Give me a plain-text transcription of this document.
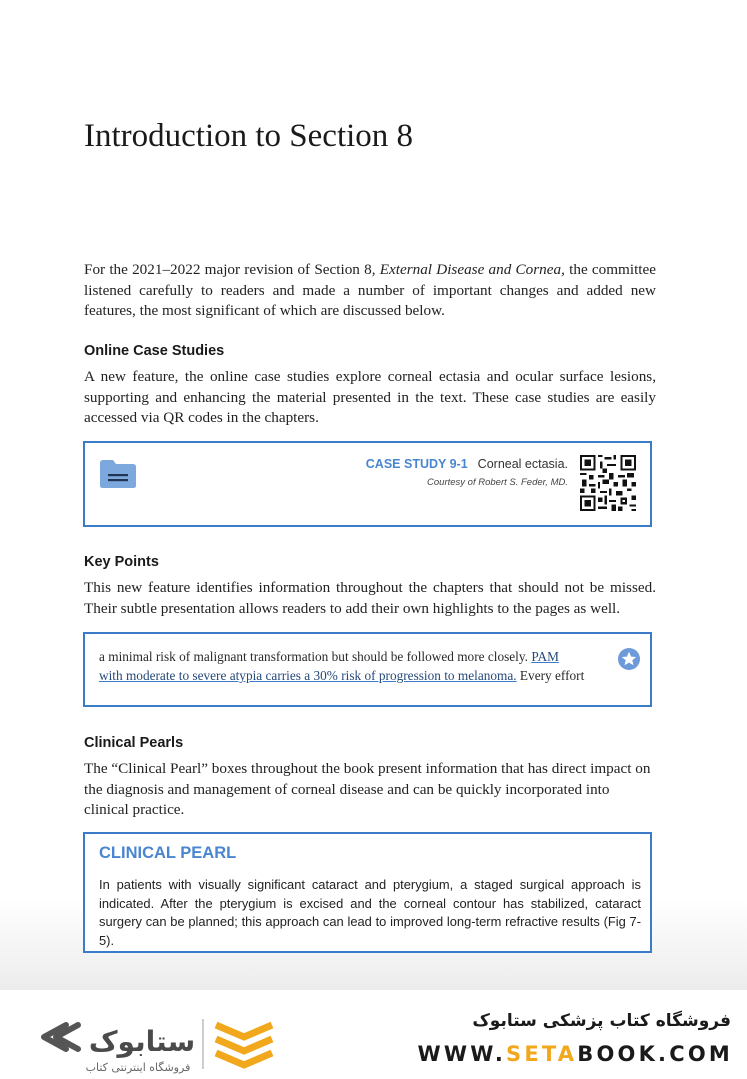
Introduction to Section 8

For the 2021–2022 major revision of Section 8, External Disease and Cornea, the committee listened carefully to readers and made a number of important changes and added new features, the most significant of which are discussed below.

Online Case Studies

A new feature, the online case studies explore corneal ectasia and ocular surface lesions, supporting and enhancing the material presented in the text. These case studies are easily accessed via QR codes in the chapters.

CASE STUDY 9-1 Corneal ectasia.
Courtesy of Robert S. Feder, MD.
Key Points

This new feature identifies information throughout the chapters that should not be missed. Their subtle presentation allows readers to add their own highlights to the pages as well.

a minimal risk of malignant transformation but should be followed more closely. PAM
with moderate to severe atypia carries a 30% risk of progression to melanoma. Every effort
Clinical Pearls

The “Clinical Pearl” boxes throughout the book present information that has direct impact on the diagnosis and management of corneal disease and can be quickly incorporated into clinical practice.

CLINICAL PEARL

In patients with visually significant cataract and pterygium, a staged surgical approach is indicated. After the pterygium is excised and the corneal contour has stabilized, cataract surgery can be planned; this approach can lead to improved long-term refractive results (Fig 7-5).

ستابوک
فروشگاه اینترنتی کتاب

فروشگاه کتاب پزشکی ستابوک

WWW.SETABOOK.COM
